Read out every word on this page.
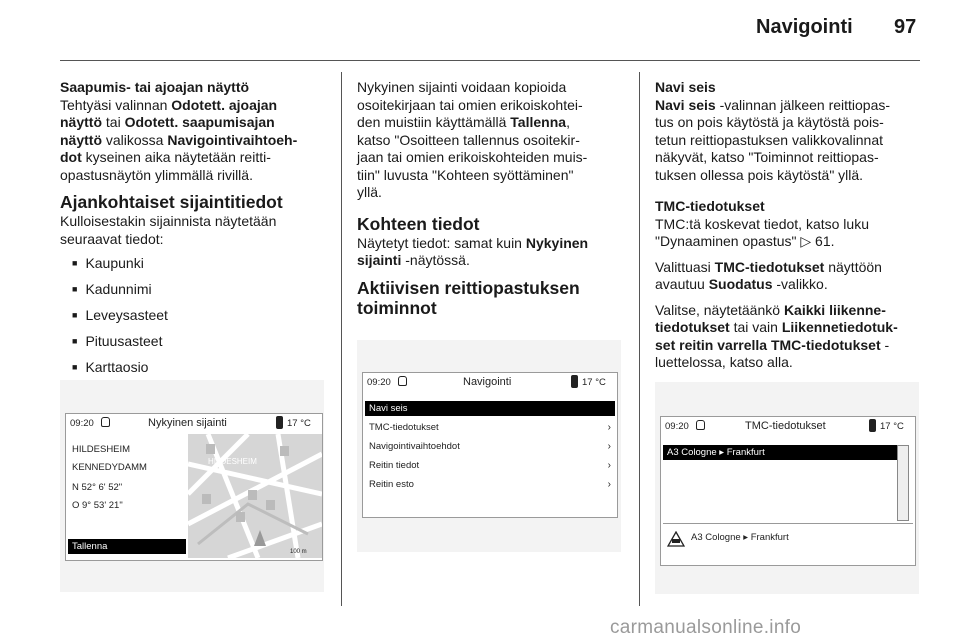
Navigointi 97
Saapumis- tai ajoajan näyttö

Tehtyäsi valinnan Odotett. ajoajan
näyttö tai Odotett. saapumisajan
näyttö valikossa Navigointivaihtoeh-
dot kyseinen aika näytetään reitti-
opastusnäytön ylimmällä rivillä.

Ajankohtaiset sijaintitiedot
Kulloisestakin sijainnista näytetään
seuraavat tiedot:
■ Kaupunki
■ Kadunnimi
■ Leveysasteet
■ Pituusasteet
■ Karttaosio
09:20	Nykyinen sijainti	17 °C
HILDESHEIM
100 m
HILDESHEIM
KENNEDYDAMM
N 52° 6' 52"
O 9° 53' 21"
Tallenna

Nykyinen sijainti voidaan kopioida
osoitekirjaan tai omien erikoiskohtei-
den muistiin käyttämällä Tallenna,
katso "Osoitteen tallennus osoitekir-
jaan tai omien erikoiskohteiden muis-
tiin" luvusta "Kohteen syöttäminen"
yllä.

Kohteen tiedot

Näytetyt tiedot: samat kuin Nykyinen
sijainti -näytössä.

Aktiivisen reittiopastuksen
toiminnot
09:20	Navigointi	17 °C
Navi seis
TMC-tiedotukset	›
Navigointivaihtoehdot	›
Reitin tiedot	›
Reitin esto	›
Navi seis

Navi seis -valinnan jälkeen reittiopas-
tus on pois käytöstä ja käytöstä pois-
tetun reittiopastuksen valikkovalinnat
näkyvät, katso "Toiminnot reittiopas-
tuksen ollessa pois käytöstä" yllä.

TMC-tiedotukset

TMC:tä koskevat tiedot, katso luku
"Dynaaminen opastus" ▷ 61.

Valittuasi TMC-tiedotukset näyttöön
avautuu Suodatus -valikko.

Valitse, näytetäänkö Kaikki liikenne-
tiedotukset tai vain Liikennetiedotuk-
set reitin varrella TMC-tiedotukset -
luettelossa, katso alla.

09:20	TMC-tiedotukset	17 °C
A3 Cologne ▸ Frankfurt
A3 Cologne ▸ Frankfurt
carmanualsonline.info
